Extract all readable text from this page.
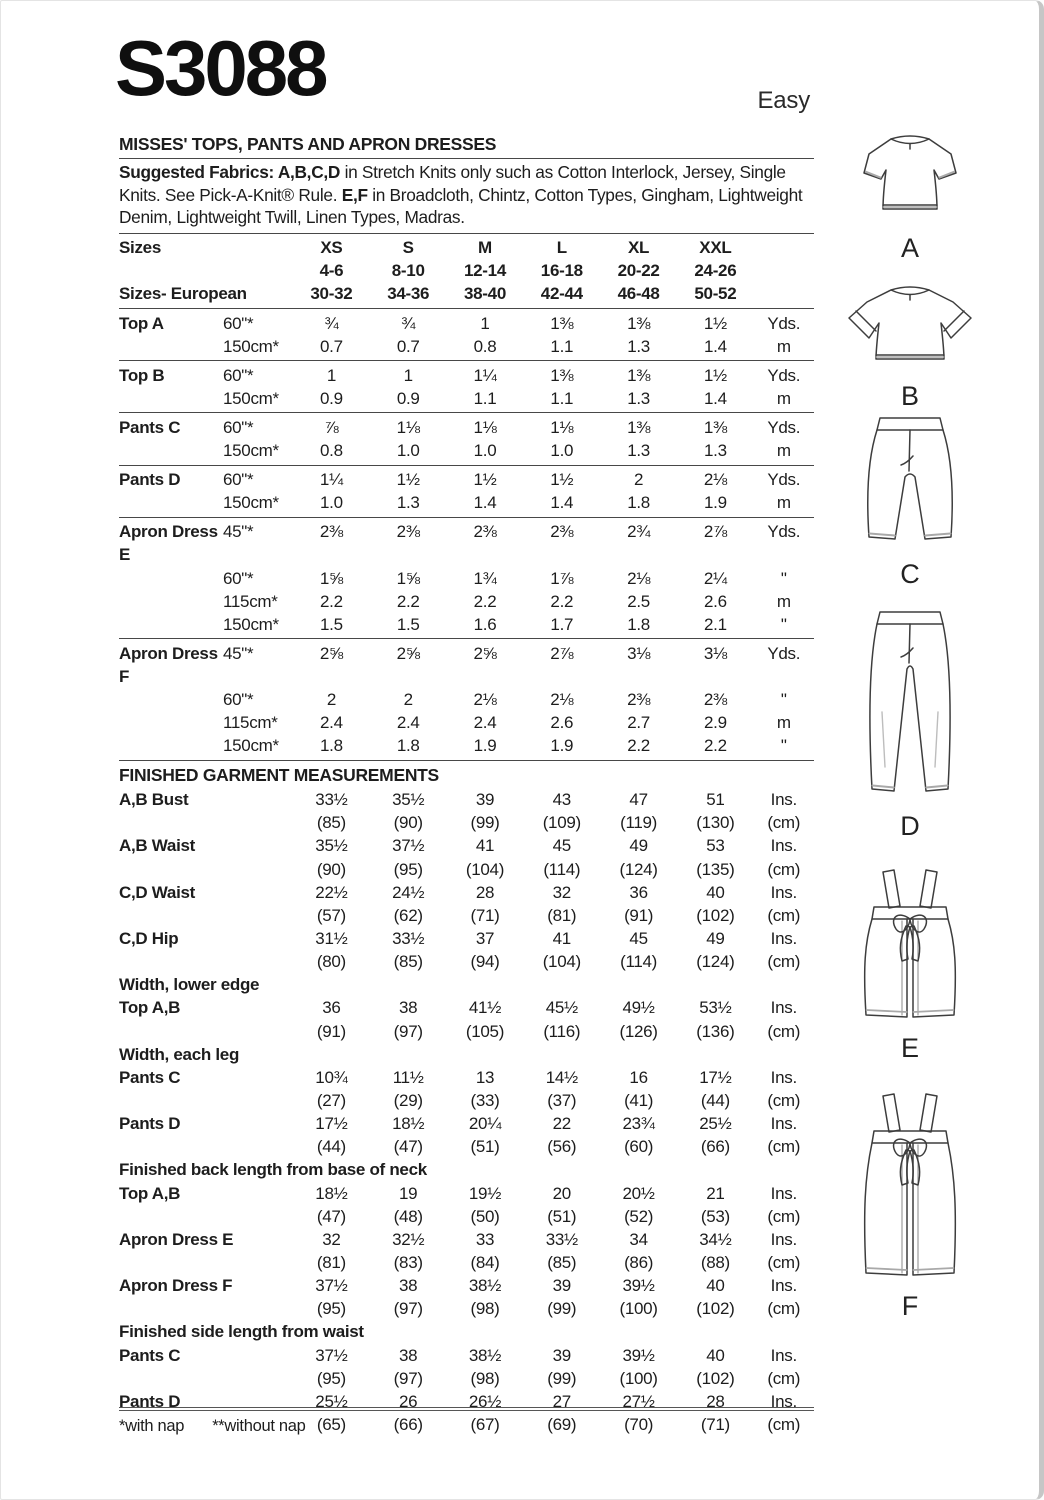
S3088	Easy
MISSES' TOPS, PANTS AND APRON DRESSES

Suggested Fabrics: A,B,C,D in Stretch Knits only such as Cotton Interlock, Jersey, Single Knits. See Pick-A-Knit® Rule. E,F in Broadcloth, Chintz, Cotton Types, Gingham, Lightweight Denim, Lightweight Twill, Linen Types, Madras.

Sizes	XS	S	M	L	XL	XXL
4-6	8-10	12-14	16-18	20-22	24-26
Sizes- European	30-32	34-36	38-40	42-44	46-48	50-52
Top A	60"*	¾	¾	1	1⅜	1⅜	1½	Yds.
150cm*	0.7	0.7	0.8	1.1	1.3	1.4	m
Top B	60"*	1	1	1¼	1⅜	1⅜	1½	Yds.
150cm*	0.9	0.9	1.1	1.1	1.3	1.4	m
Pants C	60"*	⅞	1⅛	1⅛	1⅛	1⅜	1⅜	Yds.
150cm*	0.8	1.0	1.0	1.0	1.3	1.3	m
Pants D	60"*	1¼	1½	1½	1½	2	2⅛	Yds.
150cm*	1.0	1.3	1.4	1.4	1.8	1.9	m
Apron Dress E
45"*	2⅜	2⅜	2⅜	2⅜	2¾	2⅞	Yds.
60"*	1⅝	1⅝	1¾	1⅞	2⅛	2¼	"
115cm*	2.2	2.2	2.2	2.2	2.5	2.6	m
150cm*	1.5	1.5	1.6	1.7	1.8	2.1	"
Apron Dress F
45"*	2⅝	2⅝	2⅝	2⅞	3⅛	3⅛	Yds.
60"*	2	2	2⅛	2⅛	2⅜	2⅜	"
115cm*	2.4	2.4	2.4	2.6	2.7	2.9	m
150cm*	1.8	1.8	1.9	1.9	2.2	2.2	"
FINISHED GARMENT MEASUREMENTS
A,B Bust	33½	35½	39	43	47	51	Ins.
(85)	(90)	(99)	(109)	(119)	(130)	(cm)
A,B Waist	35½	37½	41	45	49	53	Ins.
(90)	(95)	(104)	(114)	(124)	(135)	(cm)
C,D Waist	22½	24½	28	32	36	40	Ins.
(57)	(62)	(71)	(81)	(91)	(102)	(cm)
C,D Hip	31½	33½	37	41	45	49	Ins.
(80)	(85)	(94)	(104)	(114)	(124)	(cm)
Width, lower edge
Top A,B	36	38	41½	45½	49½	53½	Ins.
(91)	(97)	(105)	(116)	(126)	(136)	(cm)
Width, each leg
Pants C	10¾	11½	13	14½	16	17½	Ins.
(27)	(29)	(33)	(37)	(41)	(44)	(cm)
Pants D	17½	18½	20¼	22	23¾	25½	Ins.
(44)	(47)	(51)	(56)	(60)	(66)	(cm)
Finished back length from base of neck
Top A,B	18½	19	19½	20	20½	21	Ins.
(47)	(48)	(50)	(51)	(52)	(53)	(cm)
Apron Dress E	32	32½	33	33½	34	34½	Ins.
(81)	(83)	(84)	(85)	(86)	(88)	(cm)
Apron Dress F	37½	38	38½	39	39½	40	Ins.
(95)	(97)	(98)	(99)	(100)	(102)	(cm)
Finished side length from waist
Pants C	37½	38	38½	39	39½	40	Ins.
(95)	(97)	(98)	(99)	(100)	(102)	(cm)
Pants D	25½	26	26½	27	27½	28	Ins.
(65)	(66)	(67)	(69)	(70)	(71)	(cm)
*with nap **without nap
A
B
C
D
E
F
